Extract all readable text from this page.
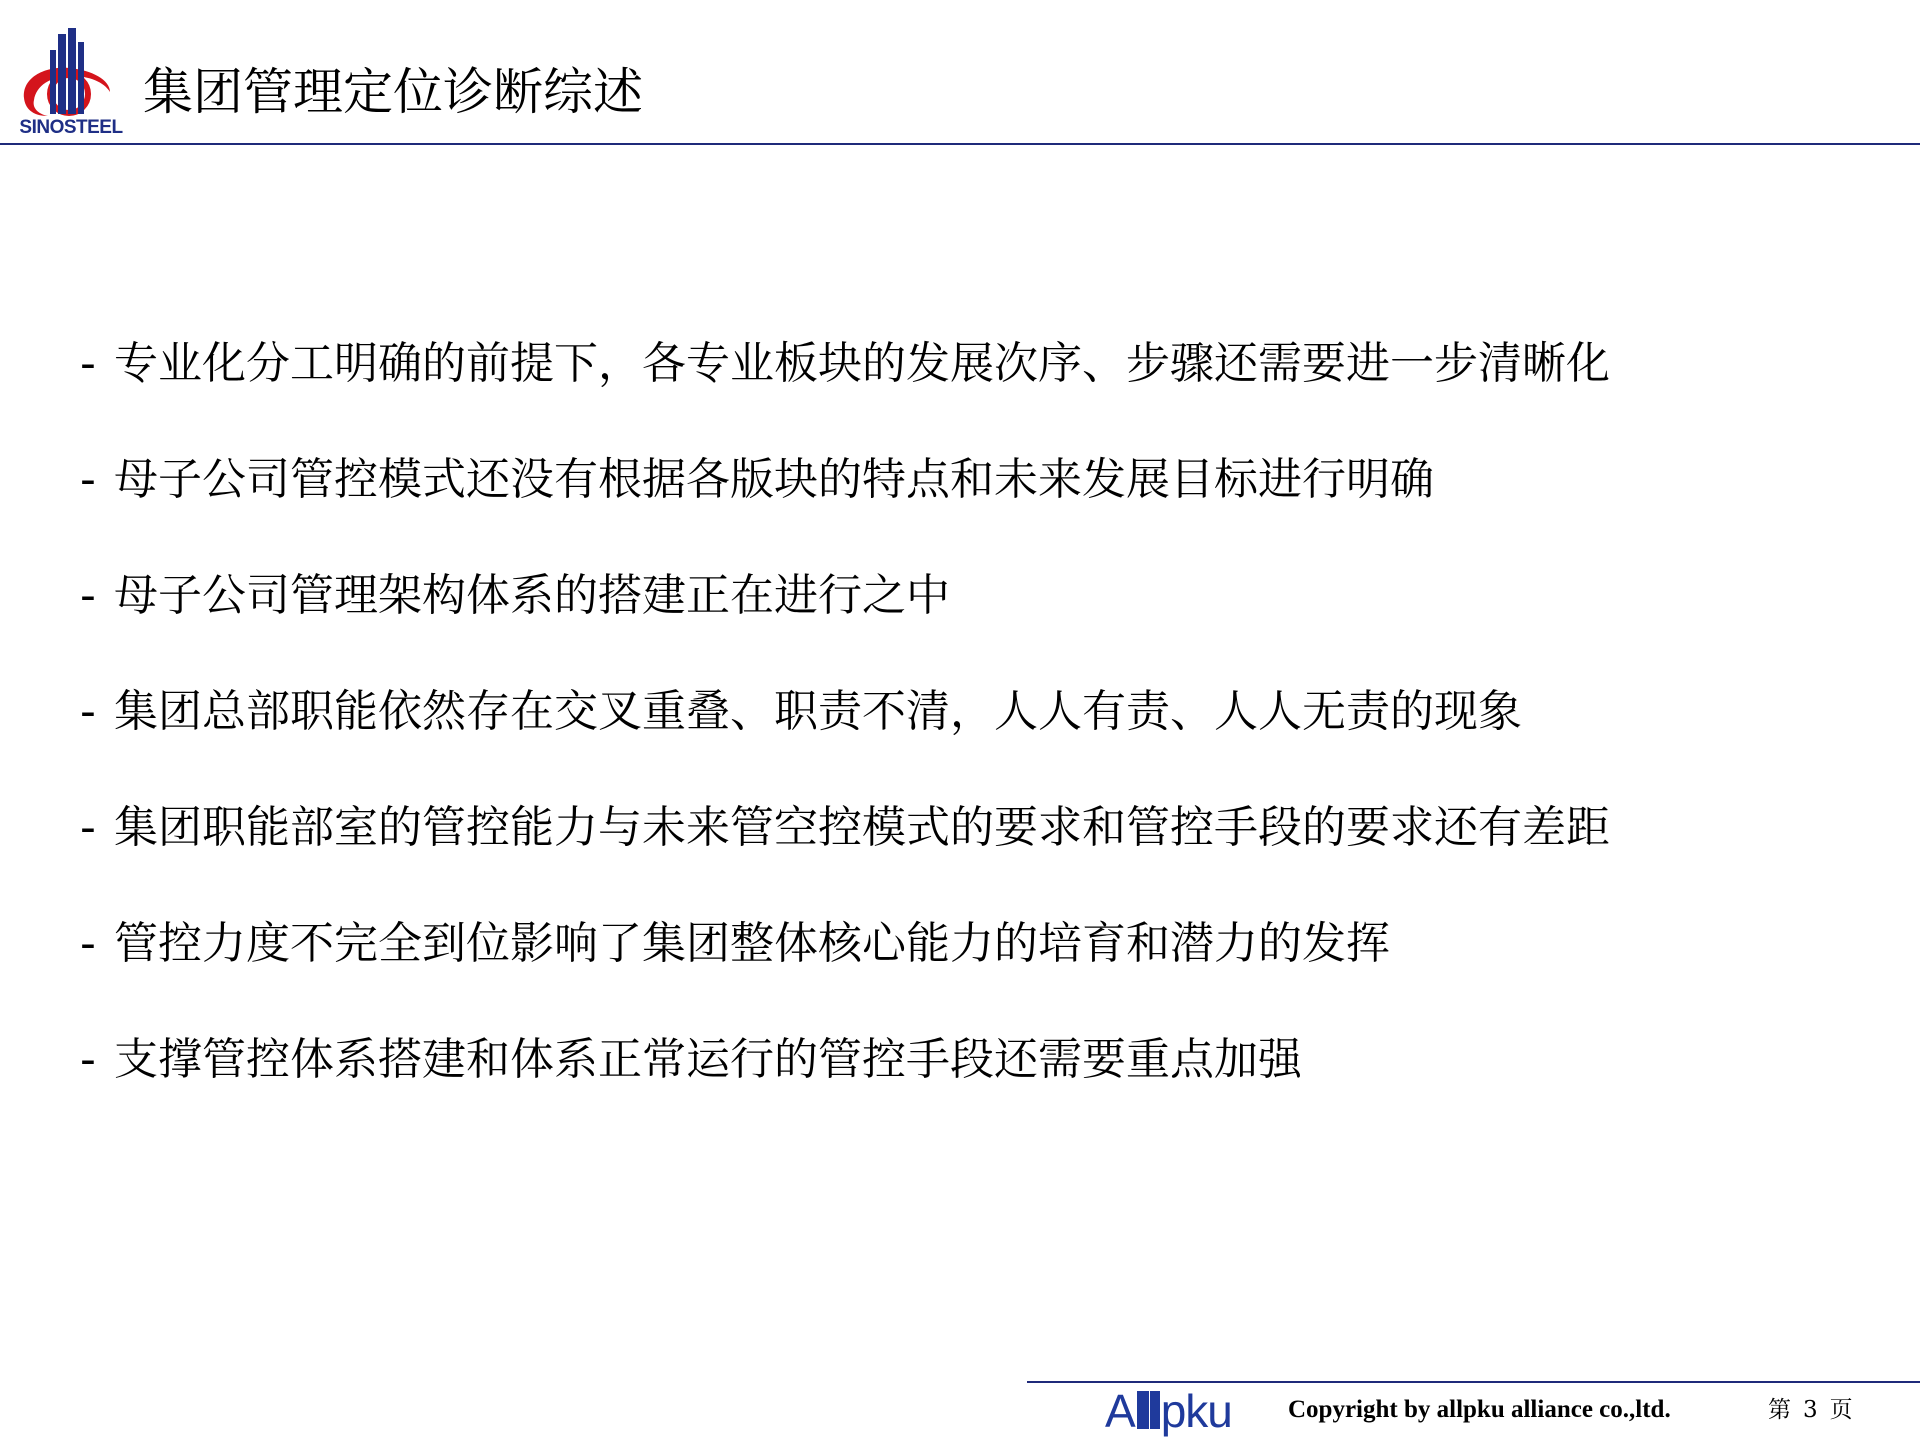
SINOSTEEL
集团管理定位诊断综述
- 专业化分工明确的前提下，各专业板块的发展次序、步骤还需要进一步清晰化
- 母子公司管控模式还没有根据各版块的特点和未来发展目标进行明确
- 母子公司管理架构体系的搭建正在进行之中
- 集团总部职能依然存在交叉重叠、职责不清，人人有责、人人无责的现象
- 集团职能部室的管控能力与未来管空控模式的要求和管控手段的要求还有差距
- 管控力度不完全到位影响了集团整体核心能力的培育和潜力的发挥
- 支撑管控体系搭建和体系正常运行的管控手段还需要重点加强
A pku Copyright by allpku alliance co.,ltd.	第 3 页
